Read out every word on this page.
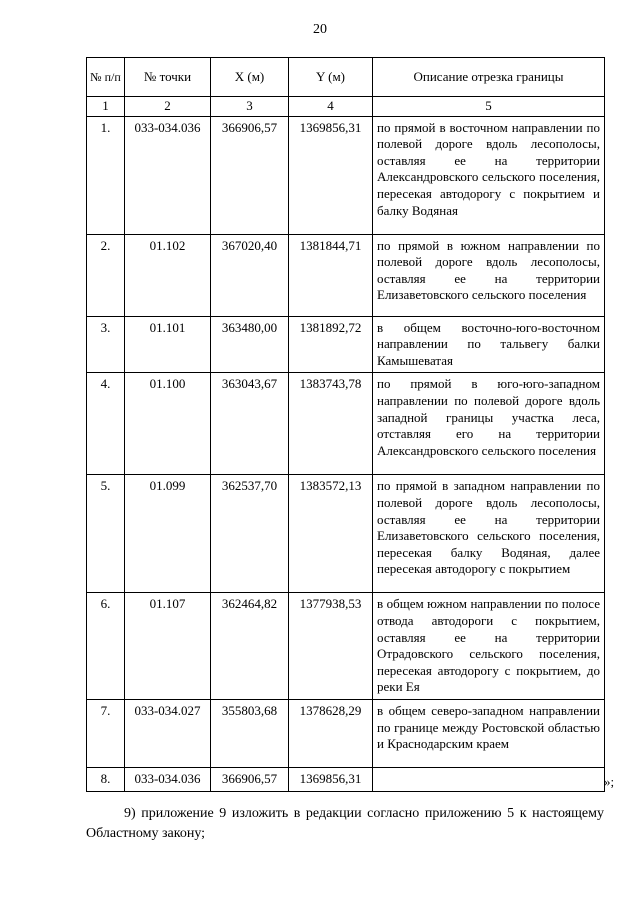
20
№ п/п	№ точки	X (м)	Y (м)	Описание отрезка границы
1	2	3	4	5
1.	033-034.036	366906,57	1369856,31	по прямой в восточном направлении по полевой дороге вдоль лесополосы, оставляя ее на территории Александровского сельского поселения, пересекая автодорогу с покрытием и балку Водяная
2.	01.102	367020,40	1381844,71	по прямой в южном направлении по полевой дороге вдоль лесополосы, оставляя ее на территории Елизаветовского сельского поселения
3.	01.101	363480,00	1381892,72	в общем восточно-юго-восточном направлении по тальвегу балки Камышеватая
4.	01.100	363043,67	1383743,78	по прямой в юго-юго-западном направлении по полевой дороге вдоль западной границы участка леса, отставляя его на территории Александровского сельского поселения
5.	01.099	362537,70	1383572,13	по прямой в западном направлении по полевой дороге вдоль лесополосы, оставляя ее на территории Елизаветовского сельского поселения, пересекая балку Водяная, далее пересекая автодорогу с покрытием
6.	01.107	362464,82	1377938,53	в общем южном направлении по полосе отвода автодороги с покрытием, оставляя ее на территории Отрадовского сельского поселения, пересекая автодорогу с покрытием, до реки Ея
7.	033-034.027	355803,68	1378628,29	в общем северо-западном направлении по границе между Ростовской областью и Краснодарским краем
8.	033-034.036	366906,57	1369856,31		»;
9) приложение 9 изложить в редакции согласно приложению 5 к настоящему Областному закону;
